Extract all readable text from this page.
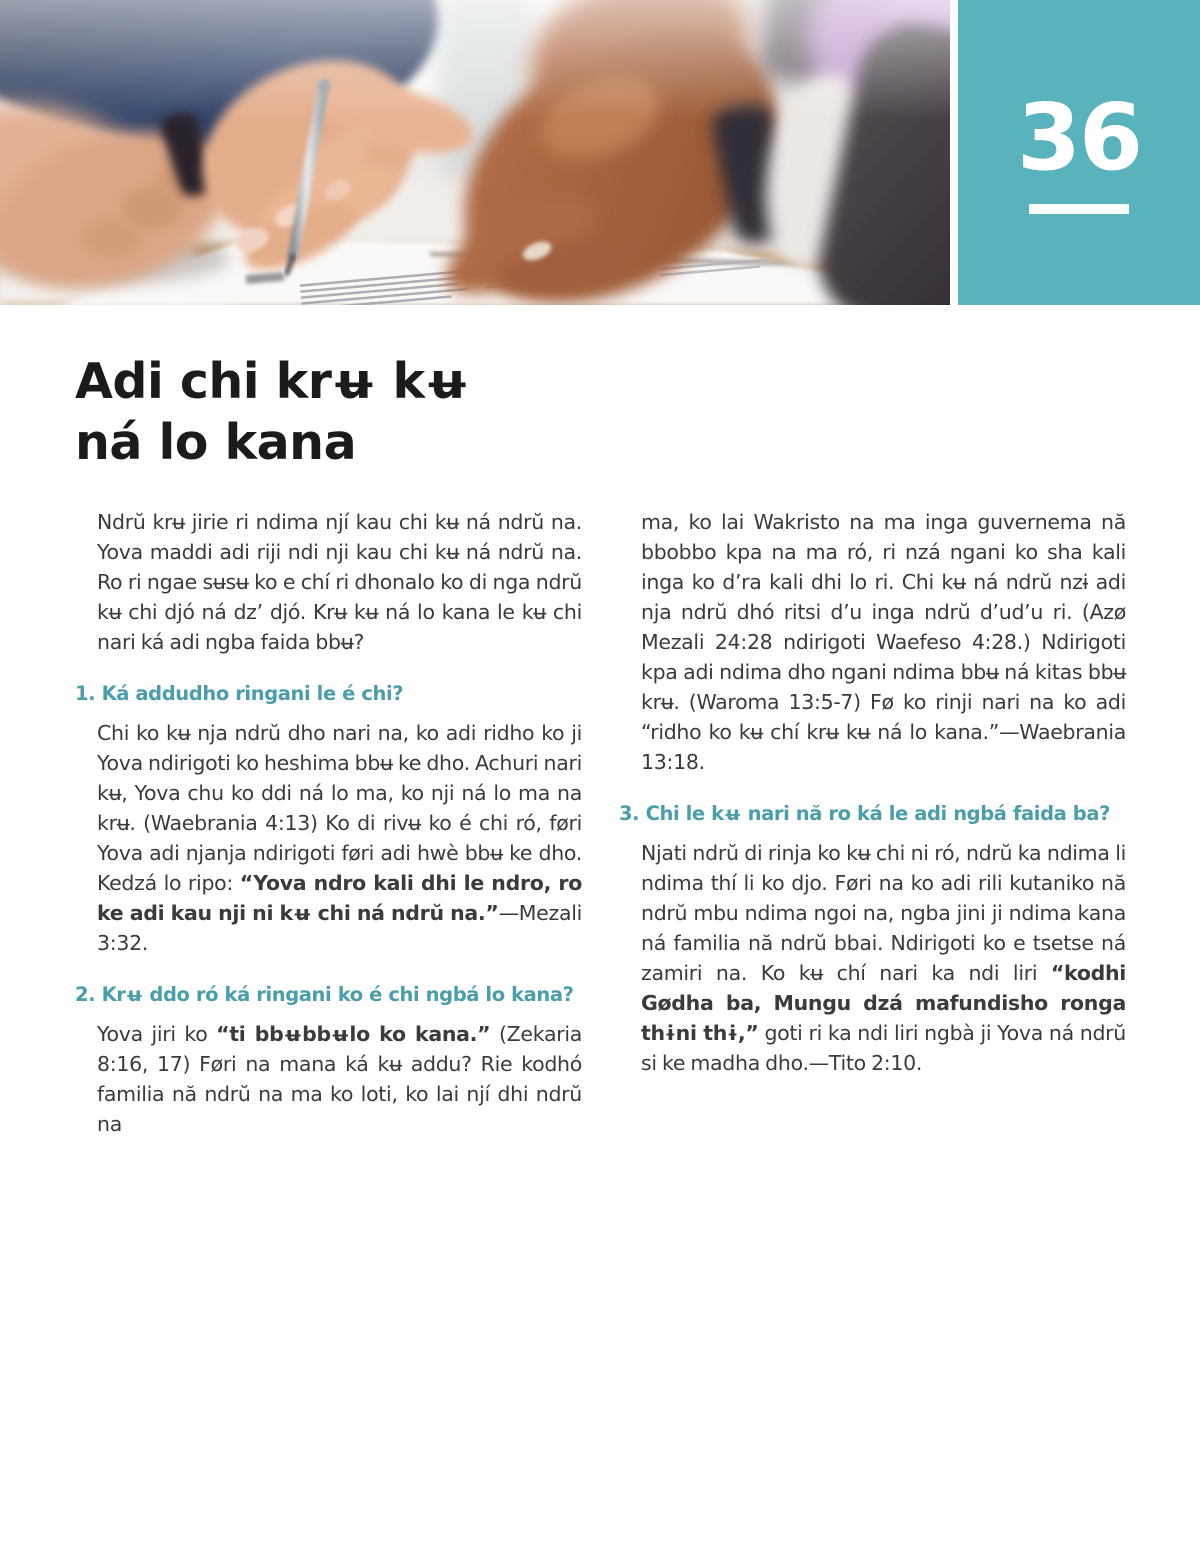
36
Adi chi krʉ kʉ
ná lo kana

Ndrŭ krʉ jirie ri ndima njí kau chi kʉ ná ndrŭ na. Yova maddi adi riji ndi nji kau chi kʉ ná ndrŭ na. Ro ri ngae sʉsʉ ko e chí ri dhonalo ko di nga ndrŭ kʉ chi djó ná dz’ djó. Krʉ kʉ ná lo kana le kʉ chi nari ká adi ngba faida bbʉ?

1. Ká addudho ringani le é chi?

Chi ko kʉ nja ndrŭ dho nari na, ko adi ridho ko ji Yova ndirigoti ko heshima bbʉ ke dho. Achuri nari kʉ, Yova chu ko ddi ná lo ma, ko nji ná lo ma na krʉ. (Waebrania 4:13) Ko di rivʉ ko é chi ró, føri Yova adi njanja ndirigoti føri adi hwè bbʉ ke dho. Kedzá lo ripo: “Yova ndro kali dhi le ndro, ro ke adi kau nji ni kʉ chi ná ndrŭ na.”—Mezali 3:32.

2. Krʉ ddo ró ká ringani ko é chi ngbá lo kana?

Yova jiri ko “ti bbʉbbʉlo ko kana.” (Zekaria 8:16, 17) Føri na mana ká kʉ addu? Rie kodhó familia nă ndrŭ na ma ko loti, ko lai njí dhi ndrŭ na

ma, ko lai Wakristo na ma inga guvernema nă bbobbo kpa na ma ró, ri nzá ngani ko sha kali inga ko d’ra kali dhi lo ri. Chi kʉ ná ndrŭ nzɨ adi nja ndrŭ dhó ritsi d’u inga ndrŭ d’ud’u ri. (Azø Mezali 24:28 ndirigoti Waefeso 4:28.) Ndirigoti kpa adi ndima dho ngani ndima bbʉ ná kitas bbʉ krʉ. (Waroma 13:5-7) Fø ko rinji nari na ko adi “ridho ko kʉ chí krʉ kʉ ná lo kana.”—Waebrania 13:18.

3. Chi le kʉ nari nă ro ká le adi ngbá faida ba?

Njati ndrŭ di rinja ko kʉ chi ni ró, ndrŭ ka ndima li ndima thí li ko djo. Føri na ko adi rili kutaniko nă ndrŭ mbu ndima ngoi na, ngba jini ji ndima kana ná familia nă ndrŭ bbai. Ndirigoti ko e tsetse ná zamiri na. Ko kʉ chí nari ka ndi liri “kodhi Gødha ba, Mungu dzá mafundisho ronga thɨni thɨ,” goti ri ka ndi liri ngbà ji Yova ná ndrŭ si ke madha dho.—Tito 2:10.
